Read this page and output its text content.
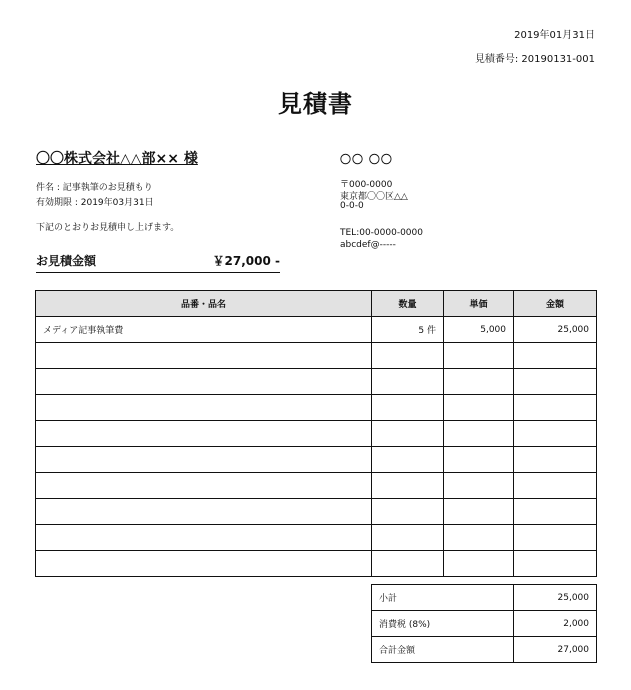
2019年01月31日
見積番号: 20190131-001
見積書
〇〇株式会社△△部×× 様
件名 : 記事執筆のお見積もり
有効期限 : 2019年03月31日
下記のとおりお見積申し上げます。
お見積金額	￥27,000 -
〇〇 〇〇
〒000-0000
東京都〇〇区△△
0-0-0
TEL:00-0000-0000
abcdef@-----
品番・品名	数量	単価	金額
メディア記事執筆費	5 件	5,000	25,000

小計	25,000
消費税 (8%)	2,000
合計金額	27,000
